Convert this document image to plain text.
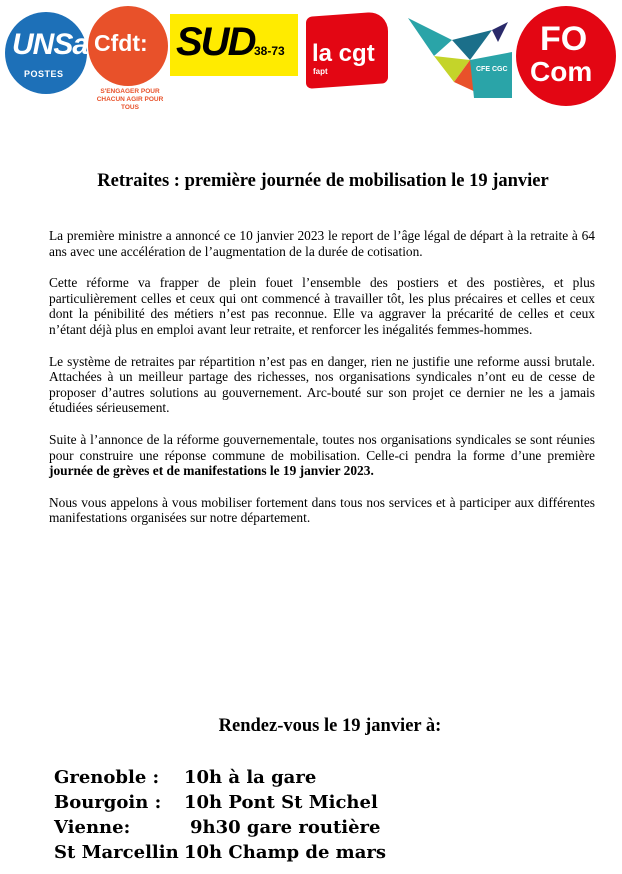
UNSa
POSTES
Cfdt:
S'ENGAGER POUR CHACUN AGIR POUR TOUS
SUD 38-73 la cgt
fapt	CFE CGC
FO
Com
Retraites : première journée de mobilisation le 19 janvier

La première ministre a annoncé ce 10 janvier 2023 le report de l’âge légal de départ à la retraite à 64 ans avec une accélération de l’augmentation de la durée de cotisation.

Cette réforme va frapper de plein fouet l’ensemble des postiers et des postières, et plus particulièrement celles et ceux qui ont commencé à travailler tôt, les plus précaires et celles et ceux dont la pénibilité des métiers n’est pas reconnue. Elle va aggraver la précarité de celles et ceux n’étant déjà plus en emploi avant leur retraite, et renforcer les inégalités femmes-hommes.

Le système de retraites par répartition n’est pas en danger, rien ne justifie une reforme aussi brutale. Attachées à un meilleur partage des richesses, nos organisations syndicales n’ont eu de cesse de proposer d’autres solutions au gouvernement. Arc-bouté sur son projet ce dernier ne les a jamais étudiées sérieusement.

Suite à l’annonce de la réforme gouvernementale, toutes nos organisations syndicales se sont réunies pour construire une réponse commune de mobilisation. Celle-ci pendra la forme d’une première journée de grèves et de manifestations le 19 janvier 2023.

Nous vous appelons à vous mobiliser fortement dans tous nos services et à participer aux différentes manifestations organisées sur notre département.

Rendez-vous le 19 janvier à:
Grenoble :	10h à la gare
Bourgoin :	10h Pont St Michel
Vienne:	9h30 gare routière
St Marcellin 10h Champ de mars
